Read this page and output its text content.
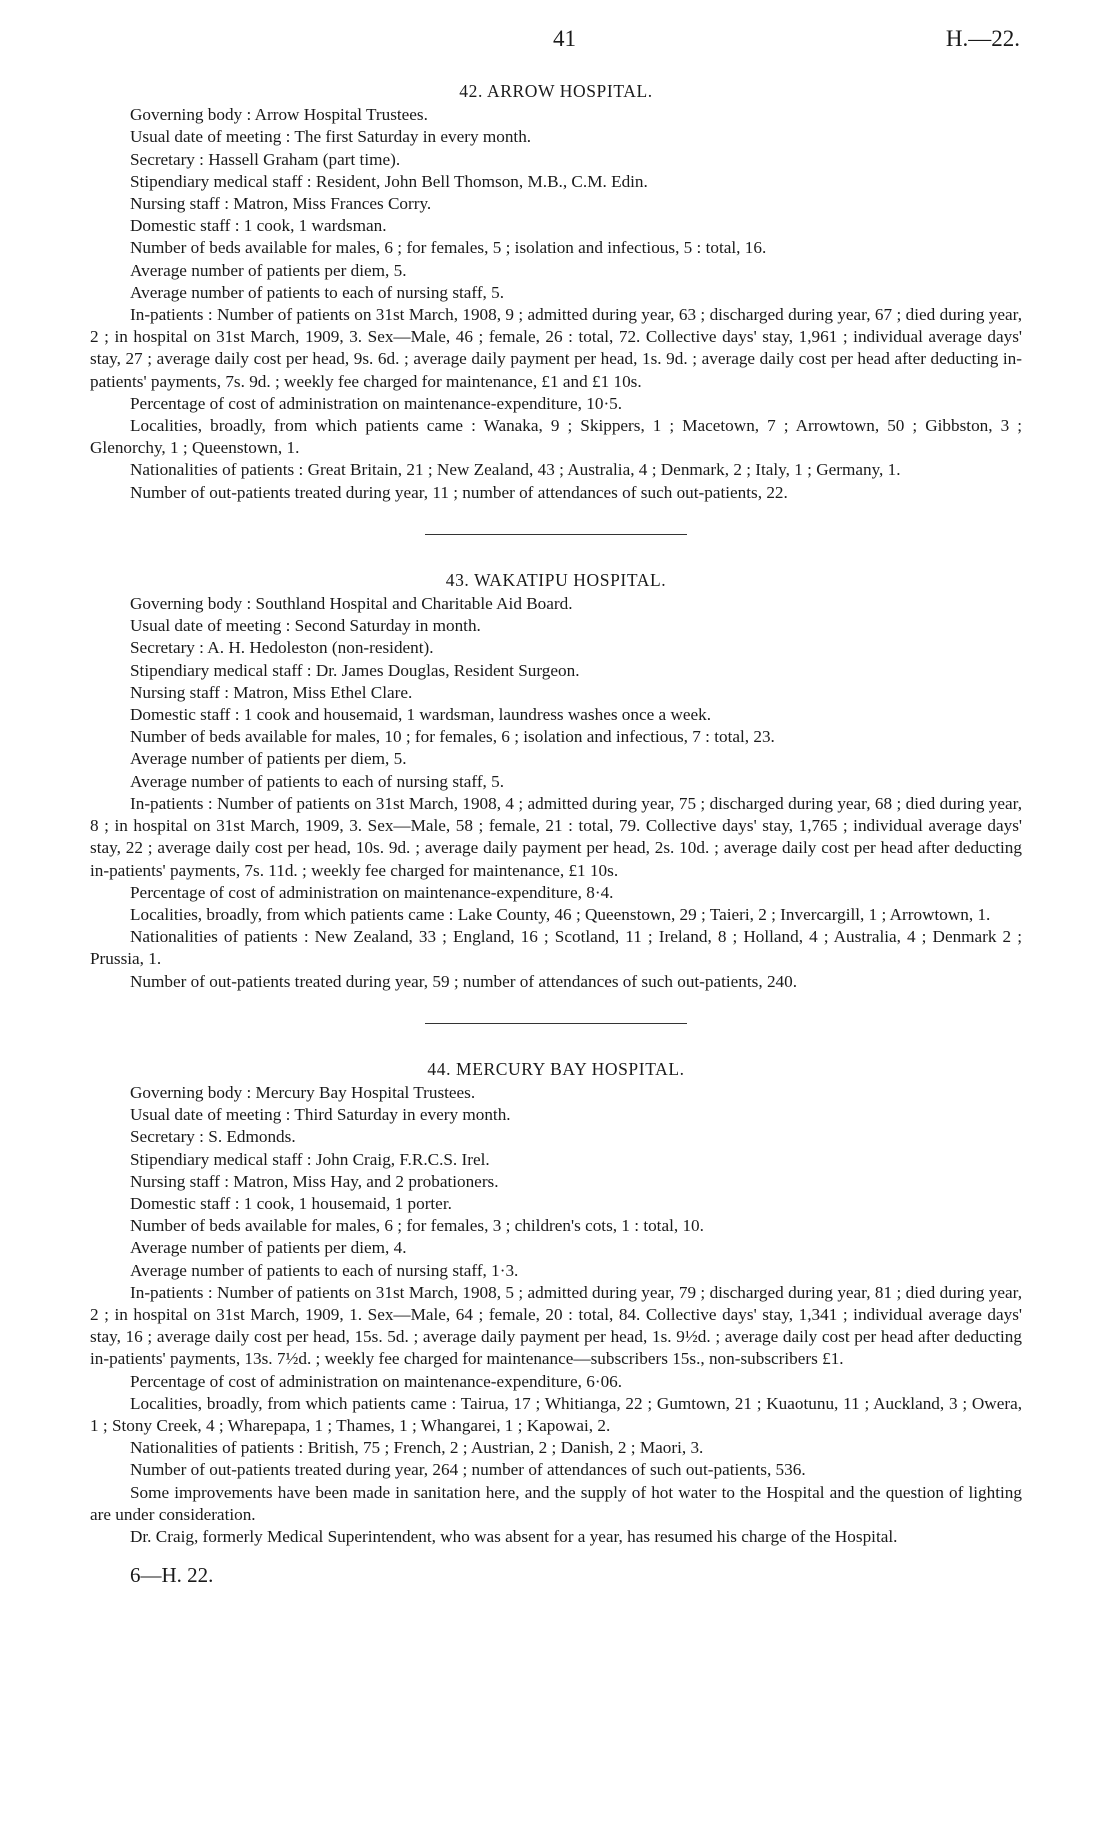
41	H.—22.
42. ARROW HOSPITAL.

Governing body : Arrow Hospital Trustees.

Usual date of meeting : The first Saturday in every month.

Secretary : Hassell Graham (part time).

Stipendiary medical staff : Resident, John Bell Thomson, M.B., C.M. Edin.

Nursing staff : Matron, Miss Frances Corry.

Domestic staff : 1 cook, 1 wardsman.

Number of beds available for males, 6 ; for females, 5 ; isolation and infectious, 5 : total, 16.

Average number of patients per diem, 5.

Average number of patients to each of nursing staff, 5.

In-patients : Number of patients on 31st March, 1908, 9 ; admitted during year, 63 ; discharged during year, 67 ; died during year, 2 ; in hospital on 31st March, 1909, 3. Sex—Male, 46 ; female, 26 : total, 72. Collective days' stay, 1,961 ; individual average days' stay, 27 ; average daily cost per head, 9s. 6d. ; average daily payment per head, 1s. 9d. ; average daily cost per head after deducting in-patients' payments, 7s. 9d. ; weekly fee charged for maintenance, £1 and £1 10s.

Percentage of cost of administration on maintenance-expenditure, 10·5.

Localities, broadly, from which patients came : Wanaka, 9 ; Skippers, 1 ; Macetown, 7 ; Arrowtown, 50 ; Gibbston, 3 ; Glenorchy, 1 ; Queenstown, 1.

Nationalities of patients : Great Britain, 21 ; New Zealand, 43 ; Australia, 4 ; Denmark, 2 ; Italy, 1 ; Germany, 1.

Number of out-patients treated during year, 11 ; number of attendances of such out-patients, 22.

43. WAKATIPU HOSPITAL.

Governing body : Southland Hospital and Charitable Aid Board.

Usual date of meeting : Second Saturday in month.

Secretary : A. H. Hedoleston (non-resident).

Stipendiary medical staff : Dr. James Douglas, Resident Surgeon.

Nursing staff : Matron, Miss Ethel Clare.

Domestic staff : 1 cook and housemaid, 1 wardsman, laundress washes once a week.

Number of beds available for males, 10 ; for females, 6 ; isolation and infectious, 7 : total, 23.

Average number of patients per diem, 5.

Average number of patients to each of nursing staff, 5.

In-patients : Number of patients on 31st March, 1908, 4 ; admitted during year, 75 ; discharged during year, 68 ; died during year, 8 ; in hospital on 31st March, 1909, 3. Sex—Male, 58 ; female, 21 : total, 79. Collective days' stay, 1,765 ; individual average days' stay, 22 ; average daily cost per head, 10s. 9d. ; average daily payment per head, 2s. 10d. ; average daily cost per head after deducting in-patients' payments, 7s. 11d. ; weekly fee charged for maintenance, £1 10s.

Percentage of cost of administration on maintenance-expenditure, 8·4.

Localities, broadly, from which patients came : Lake County, 46 ; Queenstown, 29 ; Taieri, 2 ; Invercargill, 1 ; Arrowtown, 1.

Nationalities of patients : New Zealand, 33 ; England, 16 ; Scotland, 11 ; Ireland, 8 ; Holland, 4 ; Australia, 4 ; Denmark 2 ; Prussia, 1.

Number of out-patients treated during year, 59 ; number of attendances of such out-patients, 240.

44. MERCURY BAY HOSPITAL.

Governing body : Mercury Bay Hospital Trustees.

Usual date of meeting : Third Saturday in every month.

Secretary : S. Edmonds.

Stipendiary medical staff : John Craig, F.R.C.S. Irel.

Nursing staff : Matron, Miss Hay, and 2 probationers.

Domestic staff : 1 cook, 1 housemaid, 1 porter.

Number of beds available for males, 6 ; for females, 3 ; children's cots, 1 : total, 10.

Average number of patients per diem, 4.

Average number of patients to each of nursing staff, 1·3.

In-patients : Number of patients on 31st March, 1908, 5 ; admitted during year, 79 ; discharged during year, 81 ; died during year, 2 ; in hospital on 31st March, 1909, 1. Sex—Male, 64 ; female, 20 : total, 84. Collective days' stay, 1,341 ; individual average days' stay, 16 ; average daily cost per head, 15s. 5d. ; average daily payment per head, 1s. 9½d. ; average daily cost per head after deducting in-patients' payments, 13s. 7½d. ; weekly fee charged for maintenance—subscribers 15s., non-subscribers £1.

Percentage of cost of administration on maintenance-expenditure, 6·06.

Localities, broadly, from which patients came : Tairua, 17 ; Whitianga, 22 ; Gumtown, 21 ; Kuaotunu, 11 ; Auckland, 3 ; Owera, 1 ; Stony Creek, 4 ; Wharepapa, 1 ; Thames, 1 ; Whangarei, 1 ; Kapowai, 2.

Nationalities of patients : British, 75 ; French, 2 ; Austrian, 2 ; Danish, 2 ; Maori, 3.

Number of out-patients treated during year, 264 ; number of attendances of such out-patients, 536.

Some improvements have been made in sanitation here, and the supply of hot water to the Hospital and the question of lighting are under consideration.

Dr. Craig, formerly Medical Superintendent, who was absent for a year, has resumed his charge of the Hospital.

6—H. 22.
